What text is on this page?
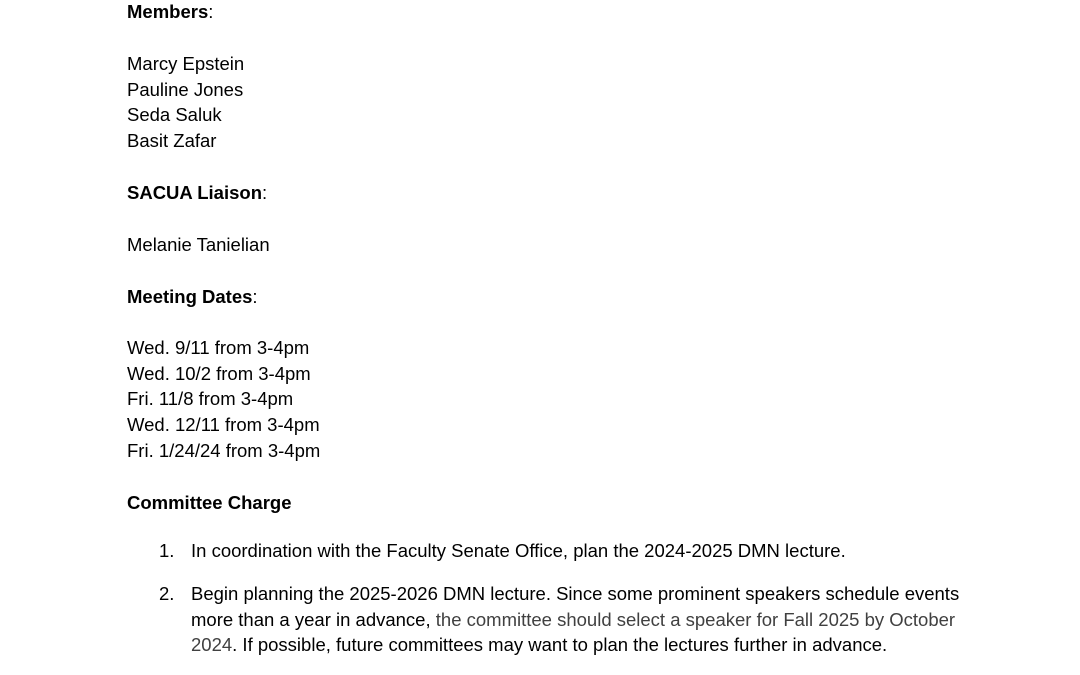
Members:
Marcy Epstein
Pauline Jones
Seda Saluk
Basit Zafar
SACUA Liaison:
Melanie Tanielian
Meeting Dates:
Wed. 9/11 from 3-4pm
Wed. 10/2 from 3-4pm
Fri. 11/8 from 3-4pm
Wed. 12/11 from 3-4pm
Fri. 1/24/24 from 3-4pm
Committee Charge
1. In coordination with the Faculty Senate Office, plan the 2024-2025 DMN lecture.
2. Begin planning the 2025-2026 DMN lecture. Since some prominent speakers schedule events more than a year in advance, the committee should select a speaker for Fall 2025 by October 2024. If possible, future committees may want to plan the lectures further in advance.
